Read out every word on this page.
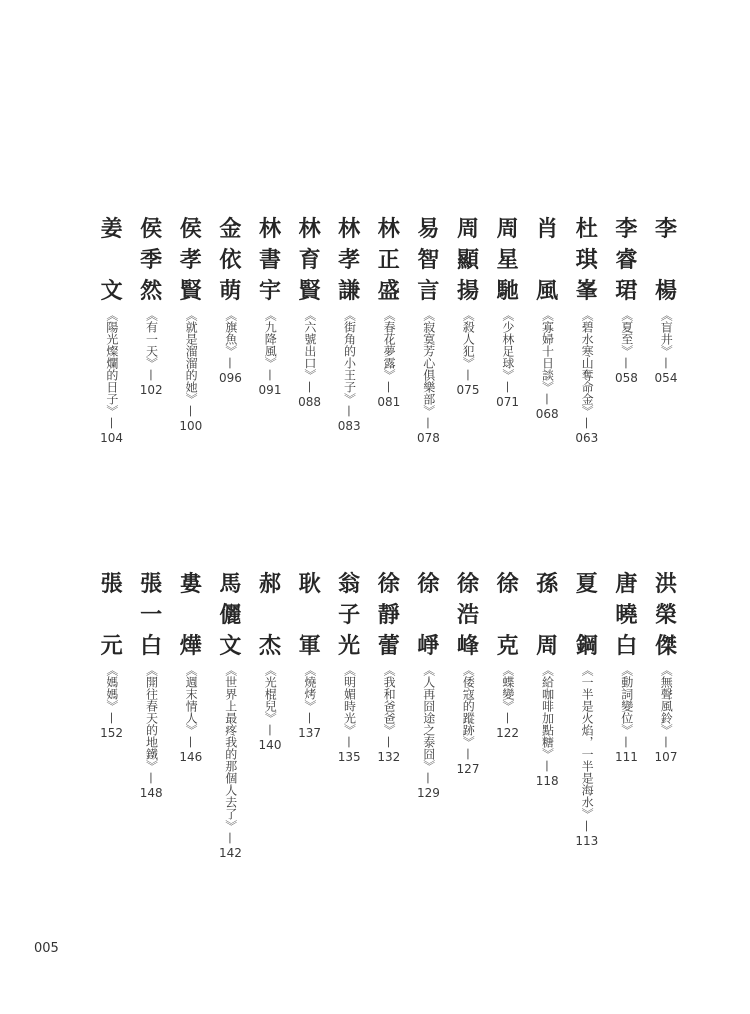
李

楊
《盲井》—
054
李
睿
珺
《夏至》—
058
杜
琪
峯
《碧水寒山奪命金》—
063
肖

風
《寡婦十日談》—
068
周
星
馳
《少林足球》—
071
周
顯
揚
《殺人犯》—
075
易
智
言
《寂寞芳心俱樂部》—
078
林
正
盛
《春花夢露》—
081
林
孝
謙
《街角的小王子》—
083
林
育
賢
《六號出口》—
088
林
書
宇
《九降風》—
091
金
依
萌
《旗魚》—
096
侯
孝
賢
《就是溜溜的她》—
100
侯
季
然
《有一天》—
102
姜

文
《陽光燦爛的日子》—
104
洪
榮
傑
《無聲風鈴》—
107
唐
曉
白
《動詞變位》—
111
夏

鋼
《一半是火焰，一半是海水》—
113
孫

周
《給咖啡加點糖》—
118
徐

克
《蝶變》—
122
徐
浩
峰
《倭寇的蹤跡》—
127
徐

崢
《人再囧途之泰囧》—
129
徐
靜
蕾
《我和爸爸》—
132
翁
子
光
《明媚時光》—
135
耿

軍
《燒烤》—
137
郝

杰
《光棍兒》—
140
馬
儷
文
《世界上最疼我的那個人去了》—
142
婁

燁
《週末情人》—
146
張
一
白
《開往春天的地鐵》—
148
張

元
《媽媽》—
152
005
